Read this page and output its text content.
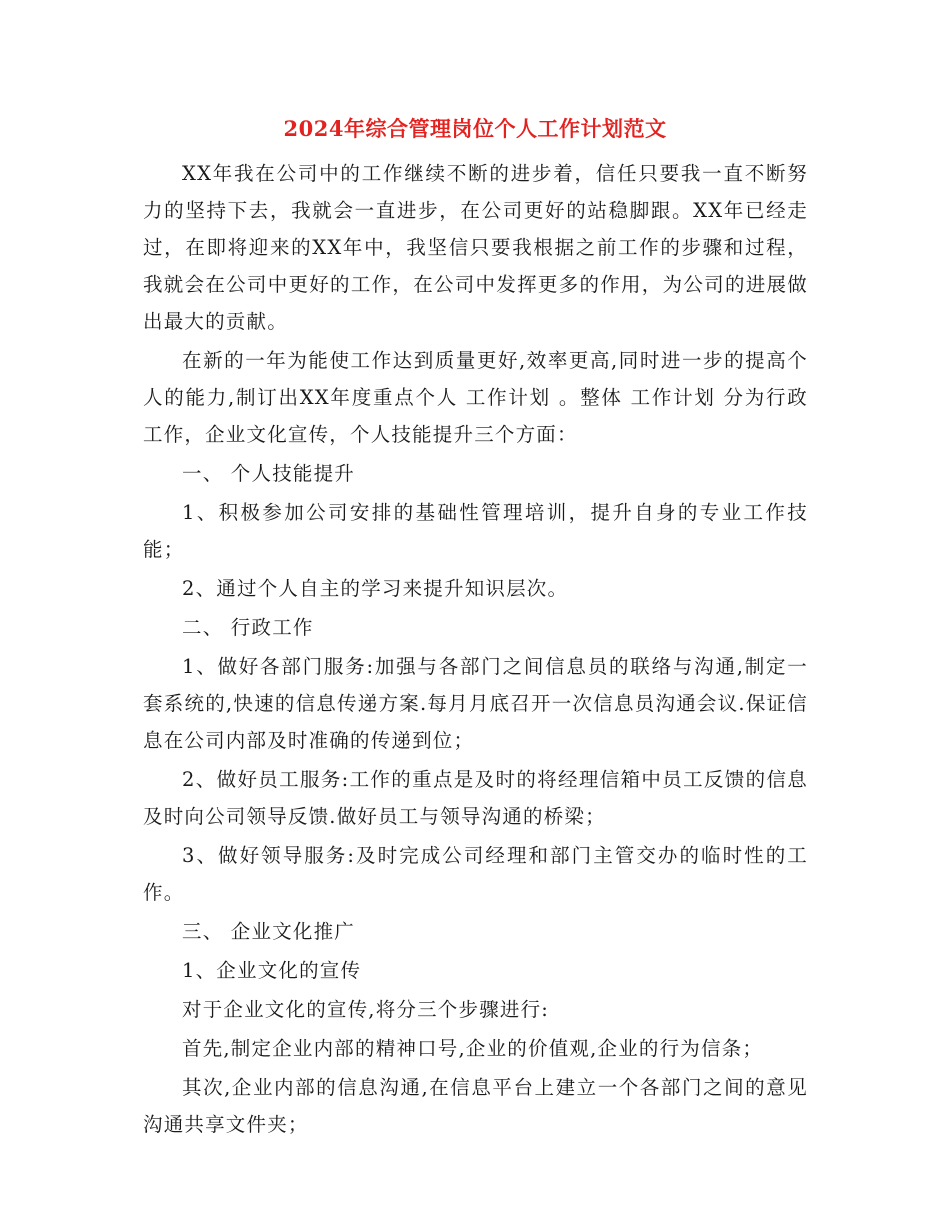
2024年综合管理岗位个人工作计划范文

XX年我在公司中的工作继续不断的进步着，信任只要我一直不断努力的坚持下去，我就会一直进步，在公司更好的站稳脚跟。XX年已经走过，在即将迎来的XX年中，我坚信只要我根据之前工作的步骤和过程，我就会在公司中更好的工作，在公司中发挥更多的作用，为公司的进展做出最大的贡献。

在新的一年为能使工作达到质量更好,效率更高,同时进一步的提高个人的能力,制订出XX年度重点个人 工作计划 。整体 工作计划 分为行政工作，企业文化宣传，个人技能提升三个方面：

一、 个人技能提升

1、积极参加公司安排的基础性管理培训，提升自身的专业工作技能；

2、通过个人自主的学习来提升知识层次。

二、 行政工作

1、做好各部门服务:加强与各部门之间信息员的联络与沟通,制定一套系统的,快速的信息传递方案.每月月底召开一次信息员沟通会议.保证信息在公司内部及时准确的传递到位；

2、做好员工服务:工作的重点是及时的将经理信箱中员工反馈的信息及时向公司领导反馈.做好员工与领导沟通的桥梁；

3、做好领导服务:及时完成公司经理和部门主管交办的临时性的工作。

三、 企业文化推广

1、企业文化的宣传

对于企业文化的宣传,将分三个步骤进行:

首先,制定企业内部的精神口号,企业的价值观,企业的行为信条；

其次,企业内部的信息沟通,在信息平台上建立一个各部门之间的意见沟通共享文件夹；
